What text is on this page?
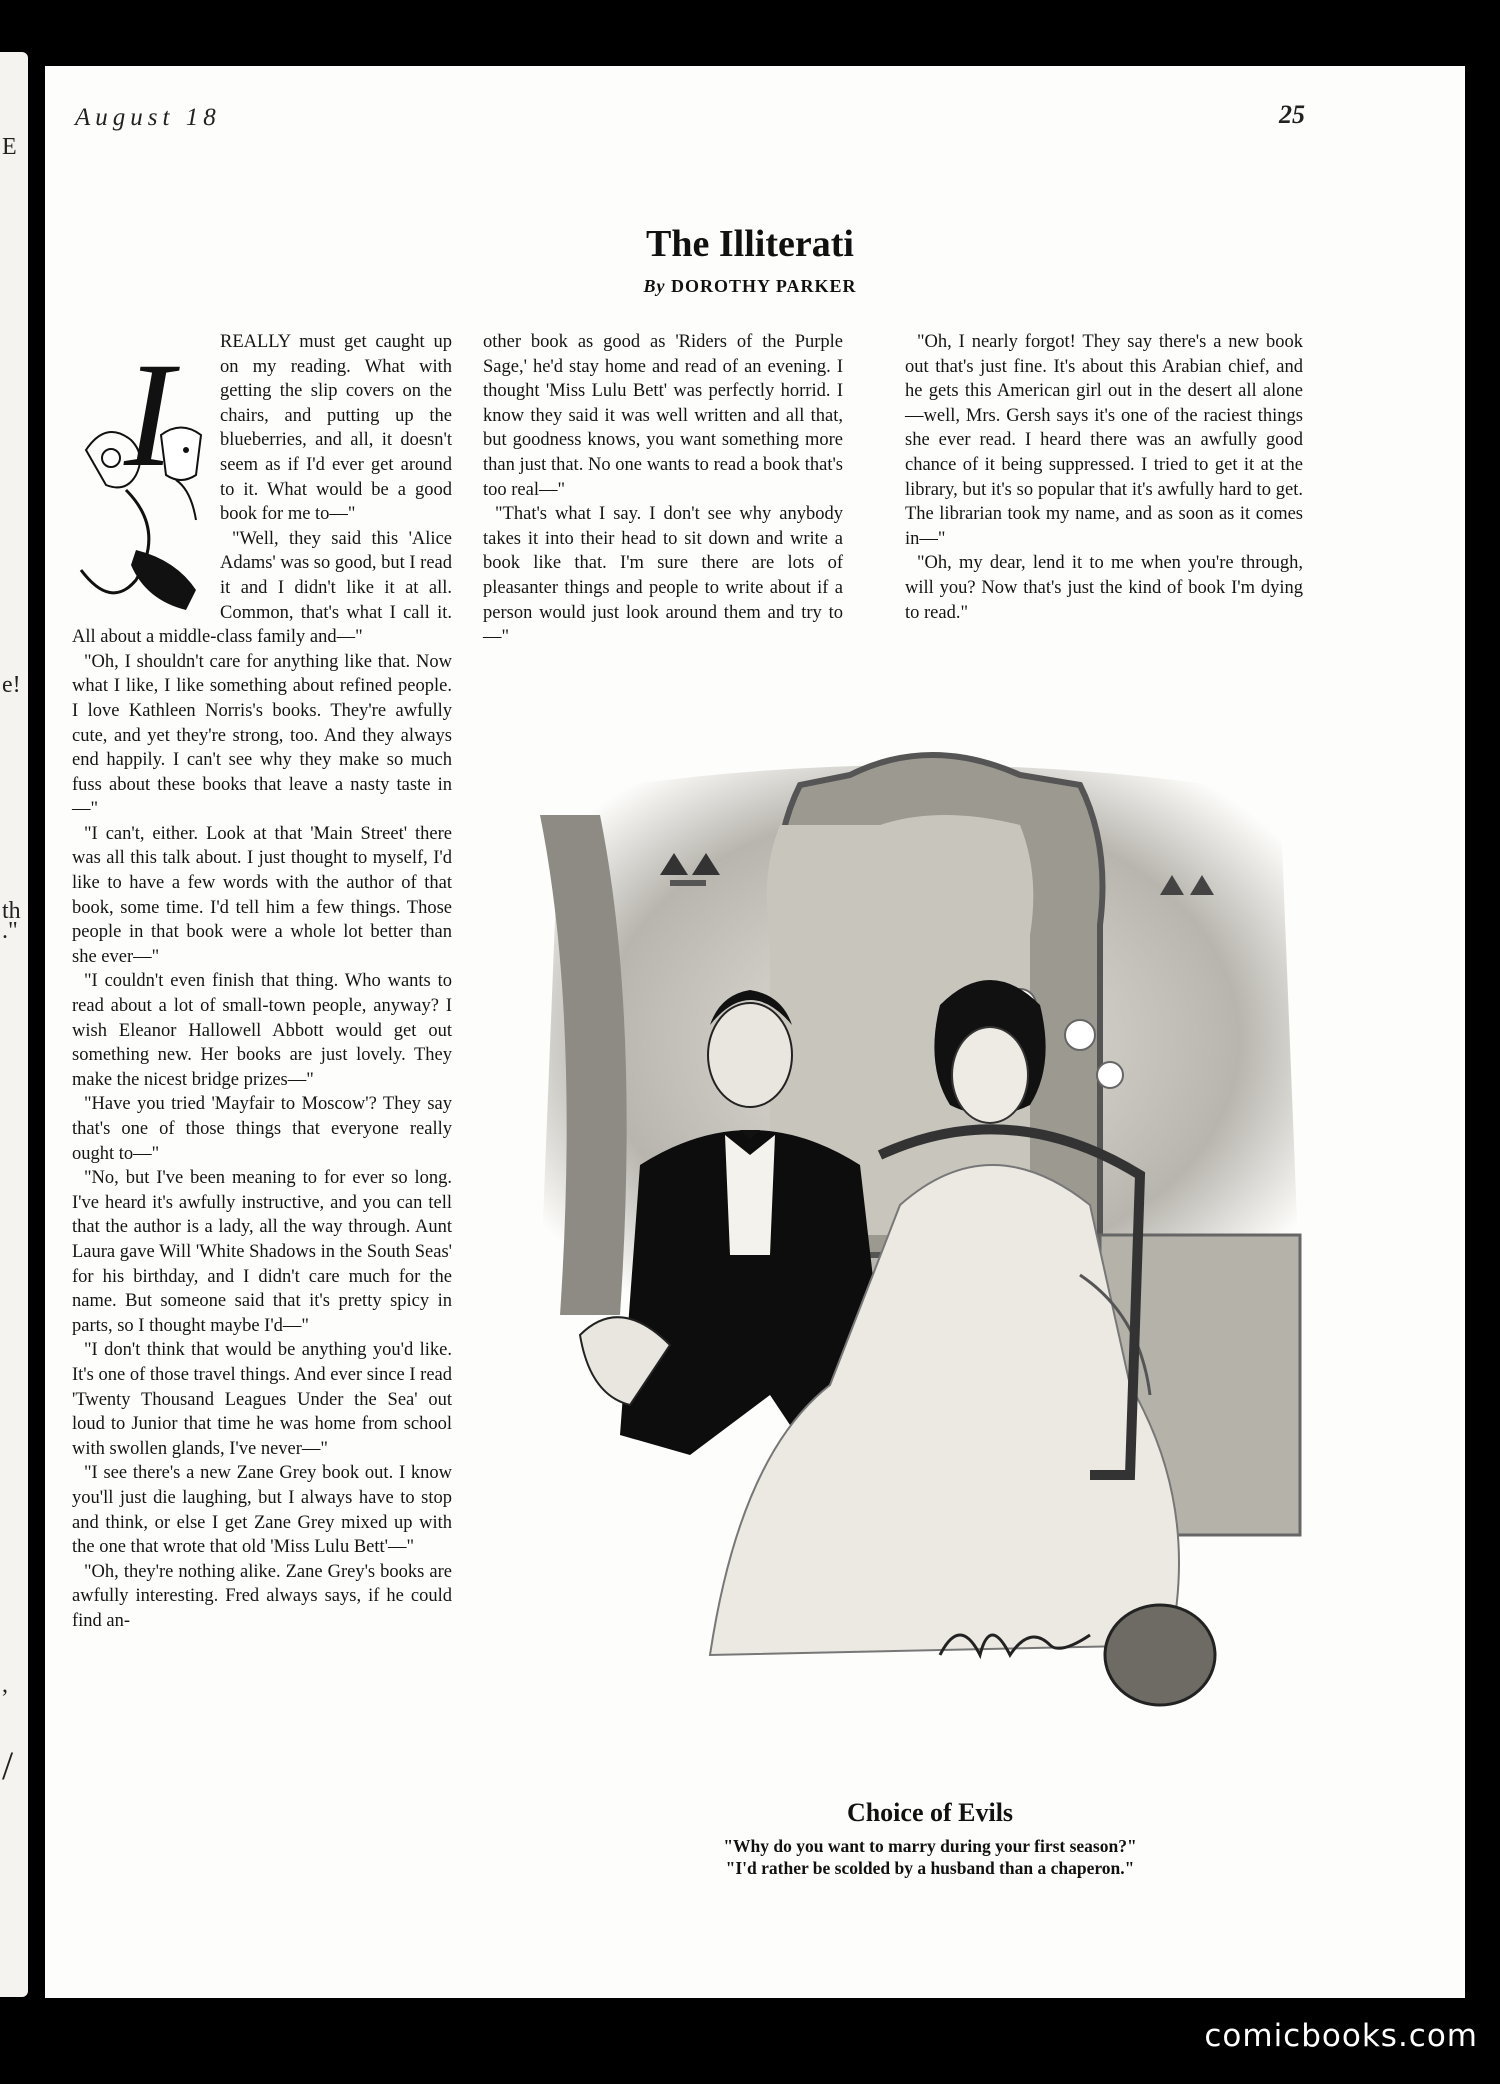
E
e!
th
."
,
/
August 18	25
The Illiterati
By DOROTHY PARKER
I	REALLY must get caught up on my reading. What with getting the slip covers on the chairs, and putting up the blueberries, and all, it doesn't seem as if I'd ever get around to it. What would be a good book for me to—"

"Well, they said this 'Alice Adams' was so good, but I read it and I didn't like it at all. Common, that's what I call it. All about a middle-class family and—"

"Oh, I shouldn't care for anything like that. Now what I like, I like something about refined people. I love Kathleen Norris's books. They're awfully cute, and yet they're strong, too. And they always end happily. I can't see why they make so much fuss about these books that leave a nasty taste in—"

"I can't, either. Look at that 'Main Street' there was all this talk about. I just thought to myself, I'd like to have a few words with the author of that book, some time. I'd tell him a few things. Those people in that book were a whole lot better than she ever—"

"I couldn't even finish that thing. Who wants to read about a lot of small-town people, anyway? I wish Eleanor Hallowell Abbott would get out something new. Her books are just lovely. They make the nicest bridge prizes—"

"Have you tried 'Mayfair to Moscow'? They say that's one of those things that everyone really ought to—"

"No, but I've been meaning to for ever so long. I've heard it's awfully instructive, and you can tell that the author is a lady, all the way through. Aunt Laura gave Will 'White Shadows in the South Seas' for his birthday, and I didn't care much for the name. But someone said that it's pretty spicy in parts, so I thought maybe I'd—"

"I don't think that would be anything you'd like. It's one of those travel things. And ever since I read 'Twenty Thousand Leagues Under the Sea' out loud to Junior that time he was home from school with swollen glands, I've never—"

"I see there's a new Zane Grey book out. I know you'll just die laughing, but I always have to stop and think, or else I get Zane Grey mixed up with the one that wrote that old 'Miss Lulu Bett'—"

"Oh, they're nothing alike. Zane Grey's books are awfully interesting. Fred always says, if he could find an-

other book as good as 'Riders of the Purple Sage,' he'd stay home and read of an evening. I thought 'Miss Lulu Bett' was perfectly horrid. I know they said it was well written and all that, but goodness knows, you want something more than just that. No one wants to read a book that's too real—"

"That's what I say. I don't see why anybody takes it into their head to sit down and write a book like that. I'm sure there are lots of pleasanter things and people to write about if a person would just look around them and try to—"

"Oh, I nearly forgot! They say there's a new book out that's just fine. It's about this Arabian chief, and he gets this American girl out in the desert all alone—well, Mrs. Gersh says it's one of the raciest things she ever read. I heard there was an awfully good chance of it being suppressed. I tried to get it at the library, but it's so popular that it's awfully hard to get. The librarian took my name, and as soon as it comes in—"

"Oh, my dear, lend it to me when you're through, will you? Now that's just the kind of book I'm dying to read."

Choice of Evils
"Why do you want to marry during your first season?"
"I'd rather be scolded by a husband than a chaperon."
comicbooks.com
